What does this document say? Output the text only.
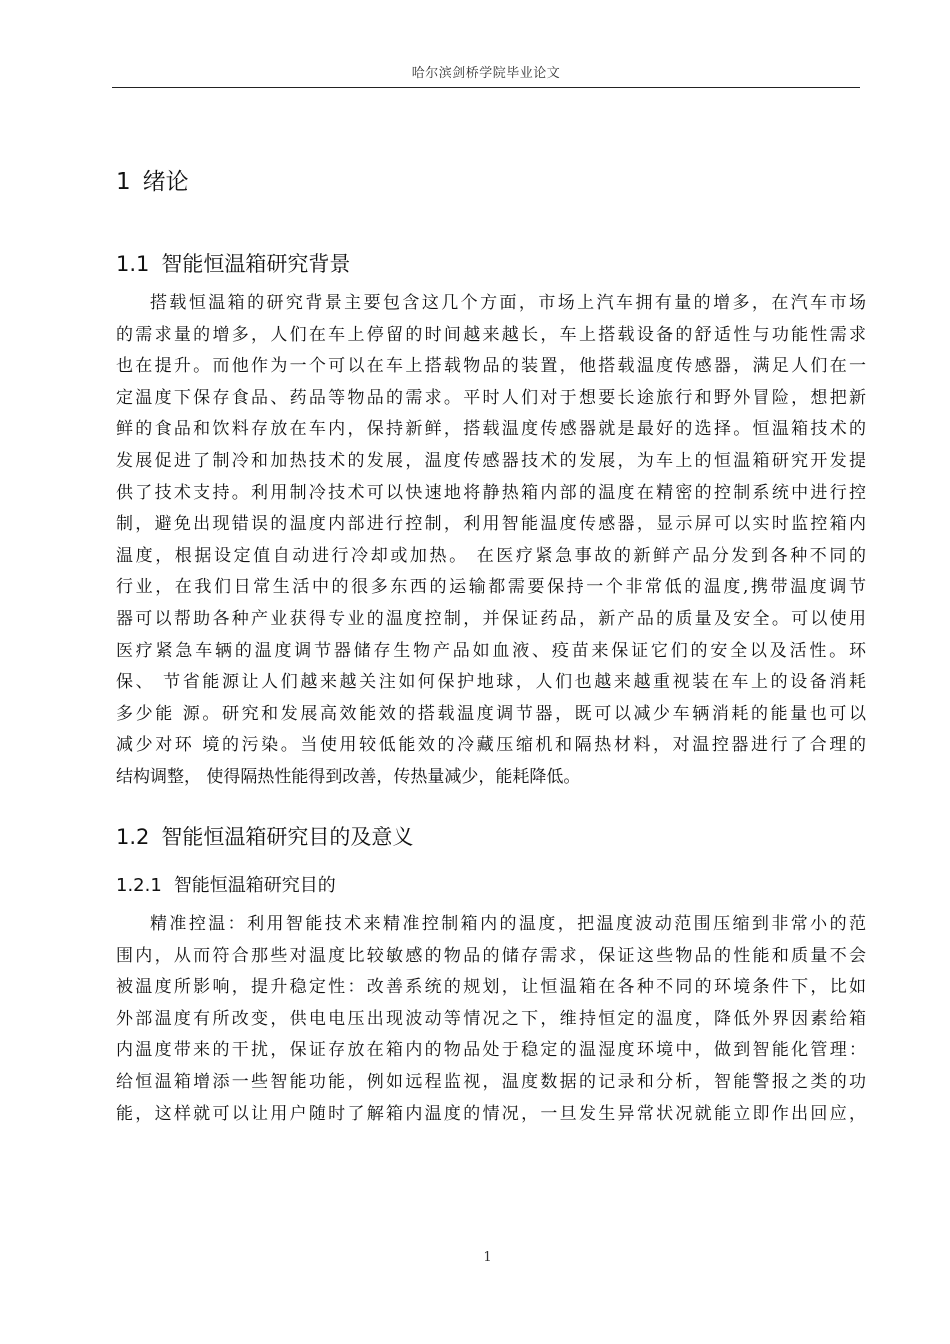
哈尔滨剑桥学院毕业论文
1 绪论
1.1 智能恒温箱研究背景
搭载恒温箱的研究背景主要包含这几个方面，市场上汽车拥有量的增多，在汽车市场
的需求量的增多，人们在车上停留的时间越来越长，车上搭载设备的舒适性与功能性需求
也在提升。而他作为一个可以在车上搭载物品的装置，他搭载温度传感器，满足人们在一
定温度下保存食品、药品等物品的需求。平时人们对于想要长途旅行和野外冒险，想把新
鲜的食品和饮料存放在车内，保持新鲜，搭载温度传感器就是最好的选择。恒温箱技术的
发展促进了制冷和加热技术的发展，温度传感器技术的发展，为车上的恒温箱研究开发提
供了技术支持。利用制冷技术可以快速地将静热箱内部的温度在精密的控制系统中进行控
制，避免出现错误的温度内部进行控制，利用智能温度传感器，显示屏可以实时监控箱内
温度，根据设定值自动进行冷却或加热。 在医疗紧急事故的新鲜产品分发到各种不同的
行业，在我们日常生活中的很多东西的运输都需要保持一个非常低的温度,携带温度调节
器可以帮助各种产业获得专业的温度控制，并保证药品，新产品的质量及安全。可以使用
医疗紧急车辆的温度调节器储存生物产品如血液、疫苗来保证它们的安全以及活性。环
保、 节省能源让人们越来越关注如何保护地球，人们也越来越重视装在车上的设备消耗
多少能 源。研究和发展高效能效的搭载温度调节器，既可以减少车辆消耗的能量也可以
减少对环 境的污染。当使用较低能效的冷藏压缩机和隔热材料，对温控器进行了合理的
结构调整， 使得隔热性能得到改善，传热量减少，能耗降低。
1.2 智能恒温箱研究目的及意义
1.2.1 智能恒温箱研究目的
精准控温：利用智能技术来精准控制箱内的温度，把温度波动范围压缩到非常小的范
围内，从而符合那些对温度比较敏感的物品的储存需求，保证这些物品的性能和质量不会
被温度所影响，提升稳定性：改善系统的规划，让恒温箱在各种不同的环境条件下，比如
外部温度有所改变，供电电压出现波动等情况之下，维持恒定的温度，降低外界因素给箱
内温度带来的干扰，保证存放在箱内的物品处于稳定的温湿度环境中，做到智能化管理：
给恒温箱增添一些智能功能，例如远程监视，温度数据的记录和分析，智能警报之类的功
能，这样就可以让用户随时了解箱内温度的情况，一旦发生异常状况就能立即作出回应，
1
